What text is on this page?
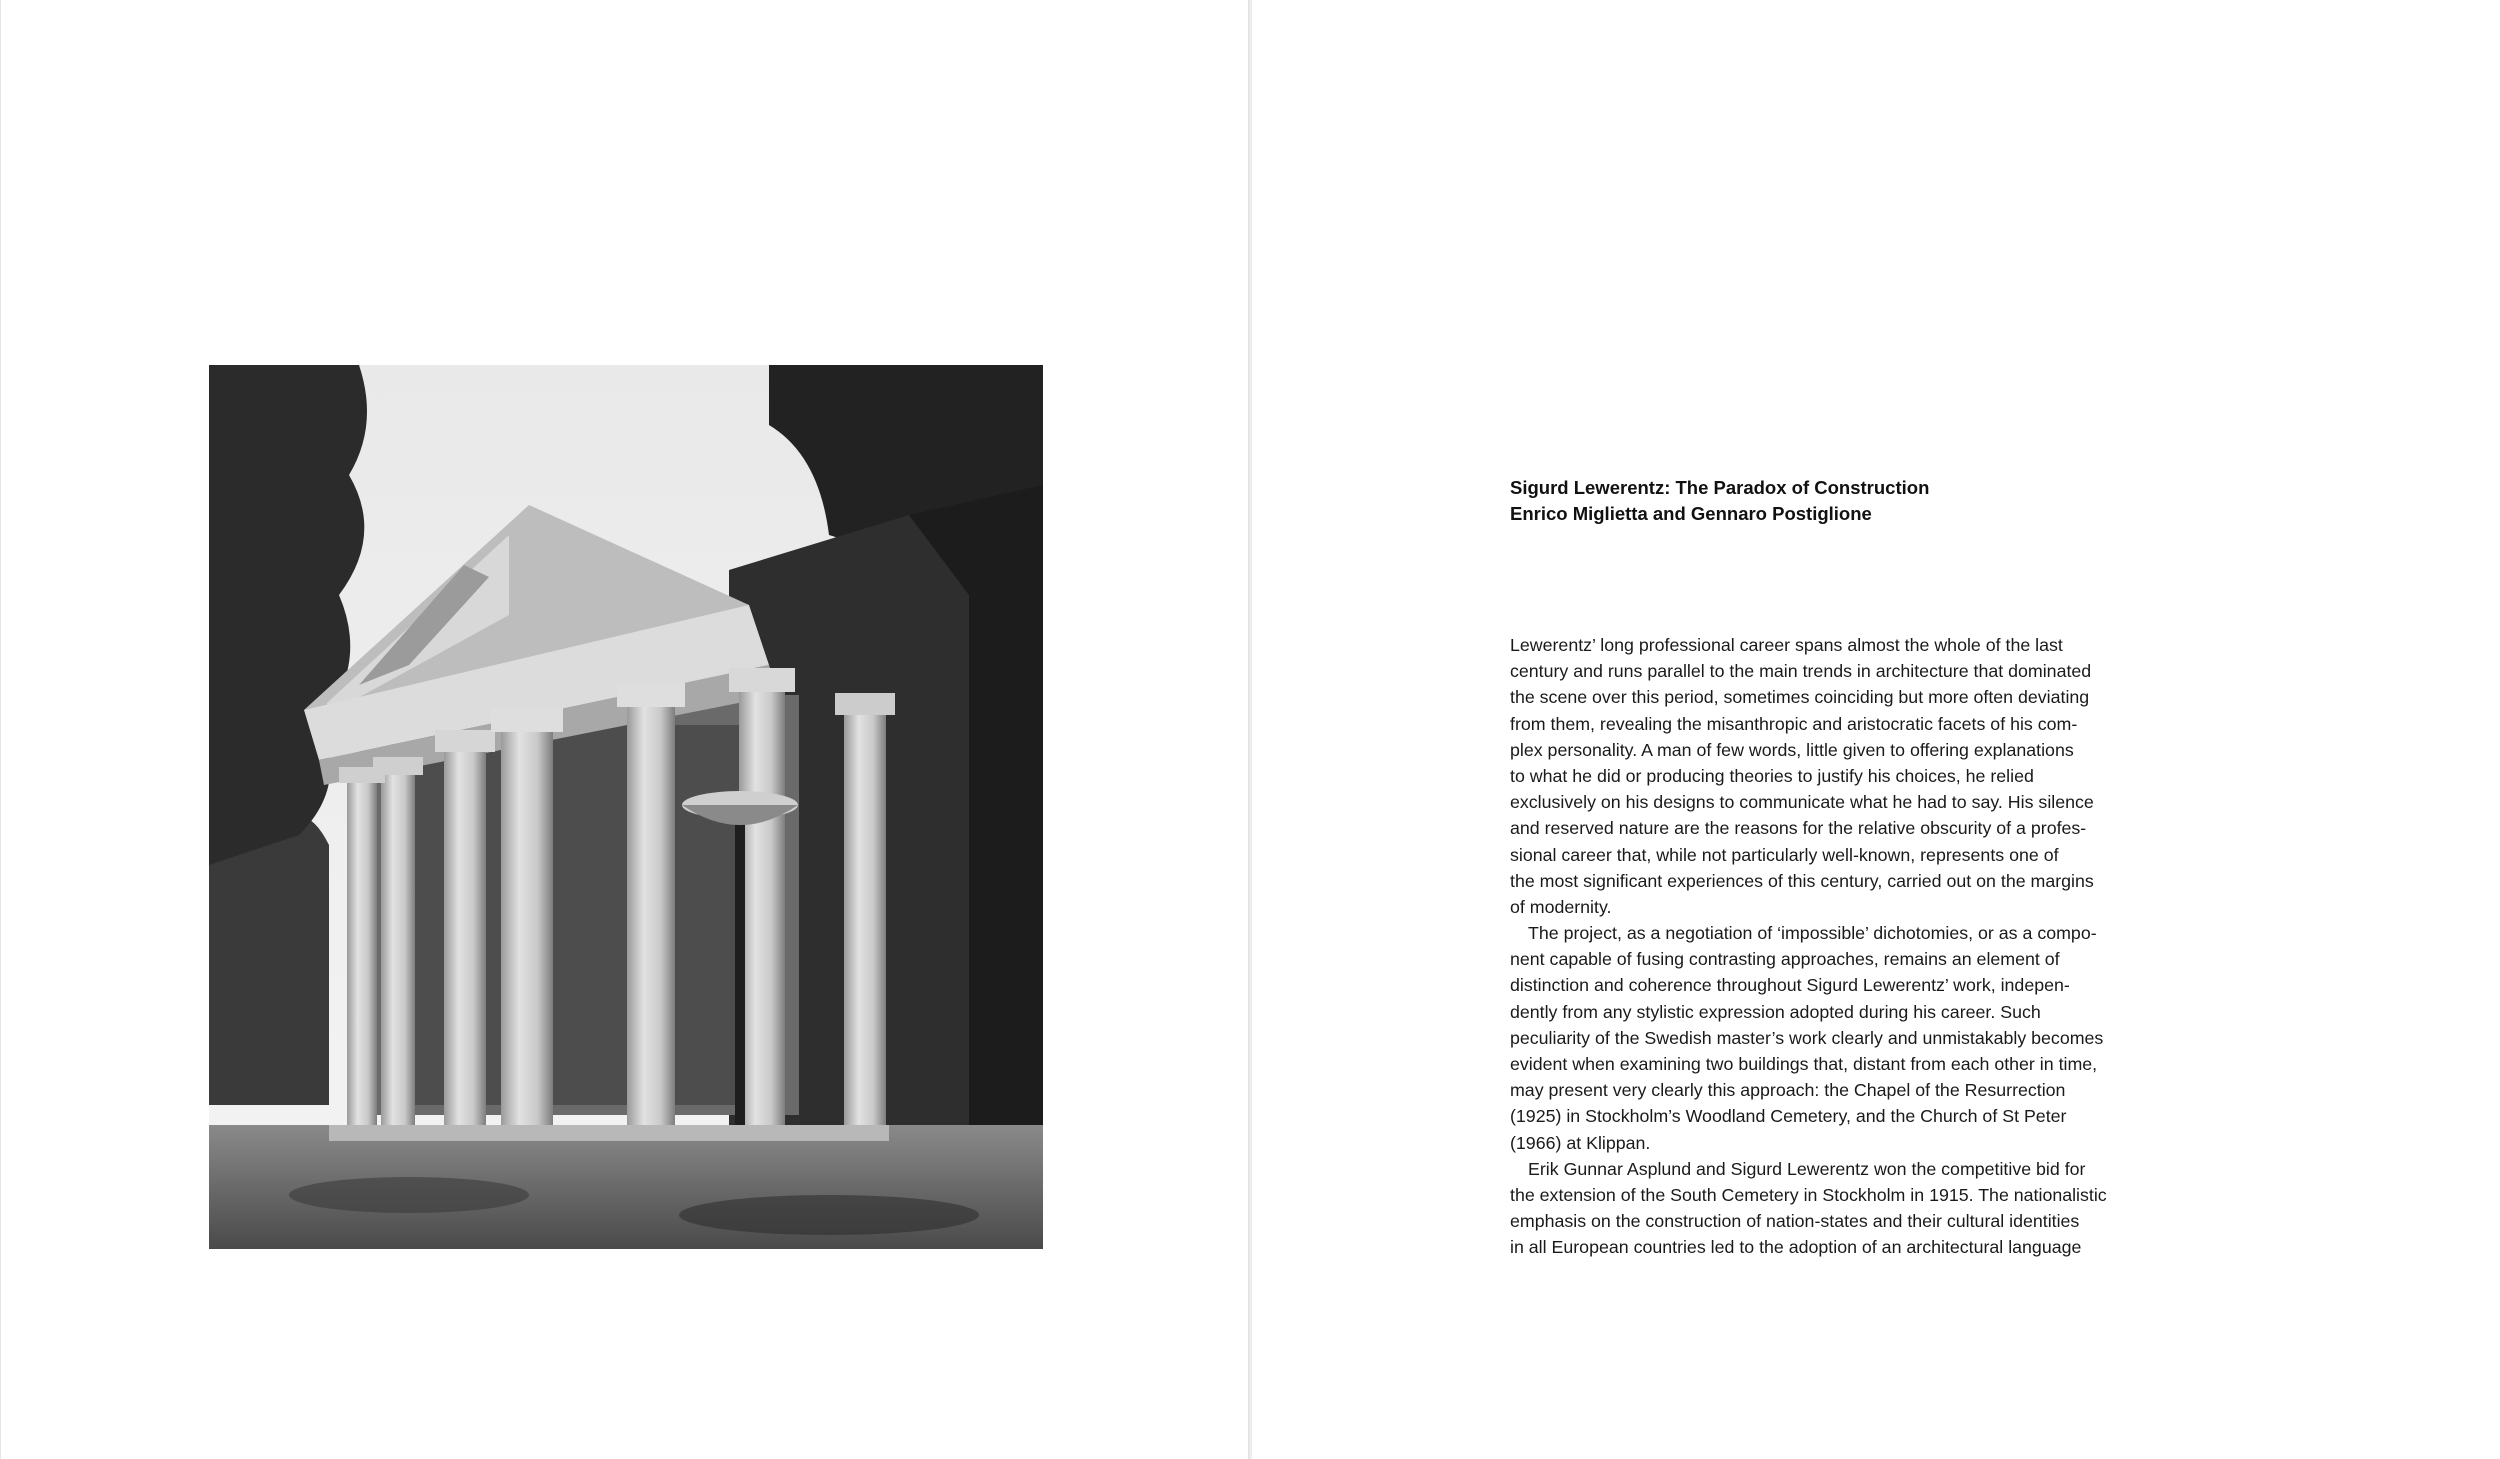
Sigurd Lewerentz: The Paradox of Construction
Enrico Miglietta and Gennaro Postiglione
Lewerentz’ long professional career spans almost the whole of the last
century and runs parallel to the main trends in architecture that dominated
the scene over this period, sometimes coinciding but more often deviating
from them, revealing the misanthropic and aristocratic facets of his com-
plex personality. A man of few words, little given to offering explanations
to what he did or producing theories to justify his choices, he relied
exclusively on his designs to communicate what he had to say. His silence
and reserved nature are the reasons for the relative obscurity of a profes-
sional career that, while not particularly well-known, represents one of
the most significant experiences of this century, carried out on the margins
of modernity.
The project, as a negotiation of ‘impossible’ dichotomies, or as a compo-
nent capable of fusing contrasting approaches, remains an element of
distinction and coherence throughout Sigurd Lewerentz’ work, indepen-
dently from any stylistic expression adopted during his career. Such
peculiarity of the Swedish master’s work clearly and unmistakably becomes
evident when examining two buildings that, distant from each other in time,
may present very clearly this approach: the Chapel of the Resurrection
(1925) in Stockholm’s Woodland Cemetery, and the Church of St Peter
(1966) at Klippan.
Erik Gunnar Asplund and Sigurd Lewerentz won the competitive bid for
the extension of the South Cemetery in Stockholm in 1915. The nationalistic
emphasis on the construction of nation-states and their cultural identities
in all European countries led to the adoption of an architectural language
